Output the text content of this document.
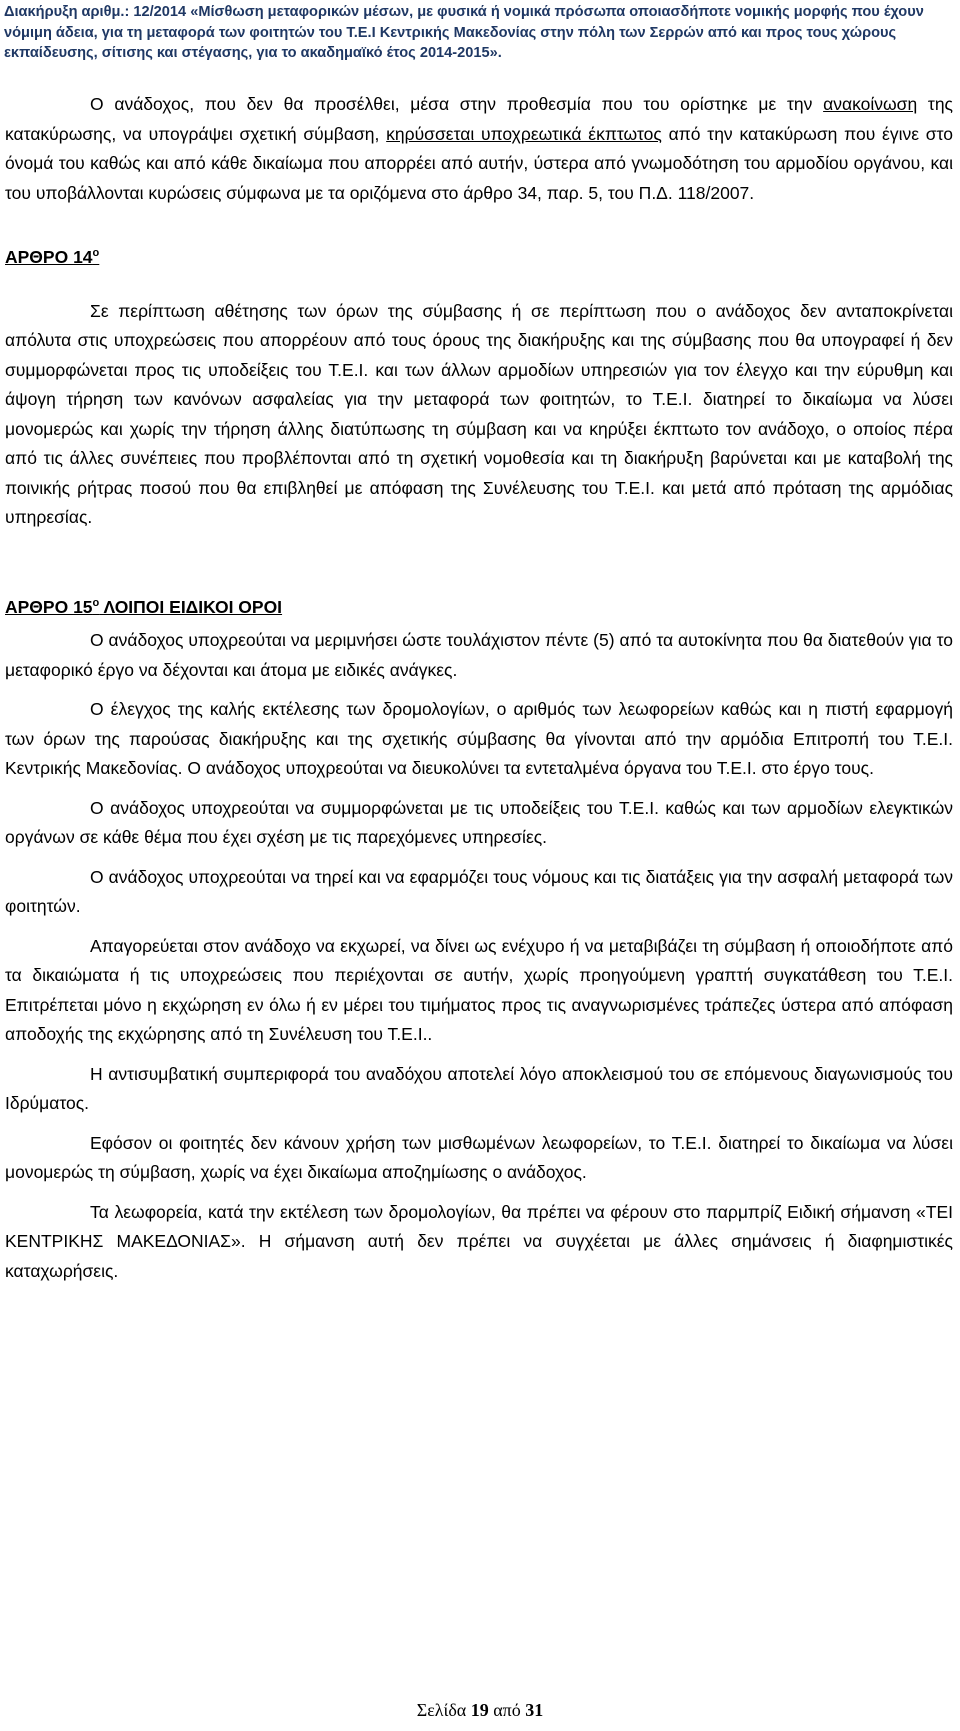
Διακήρυξη αριθμ.: 12/2014 «Μίσθωση μεταφορικών μέσων, με φυσικά ή νομικά πρόσωπα οποιασδήποτε νομικής μορφής που έχουν νόμιμη άδεια, για τη μεταφορά των φοιτητών του Τ.Ε.Ι Κεντρικής Μακεδονίας στην πόλη των Σερρών από και προς τους χώρους εκπαίδευσης, σίτισης και στέγασης, για το ακαδημαϊκό έτος 2014-2015».

Ο ανάδοχος, που δεν θα προσέλθει, μέσα στην προθεσμία που του ορίστηκε με την ανακοίνωση της κατακύρωσης, να υπογράψει σχετική σύμβαση, κηρύσσεται υποχρεωτικά έκπτωτος από την κατακύρωση που έγινε στο όνομά του καθώς και από κάθε δικαίωμα που απορρέει από αυτήν, ύστερα από γνωμοδότηση του αρμοδίου οργάνου, και του υποβάλλονται κυρώσεις σύμφωνα με τα οριζόμενα στο άρθρο 34, παρ. 5, του Π.Δ. 118/2007.

ΑΡΘΡΟ $14^o$

Σε περίπτωση αθέτησης των όρων της σύμβασης ή σε περίπτωση που ο ανάδοχος δεν ανταποκρίνεται απόλυτα στις υποχρεώσεις που απορρέουν από τους όρους της διακήρυξης και της σύμβασης που θα υπογραφεί ή δεν συμμορφώνεται προς τις υποδείξεις του Τ.Ε.Ι. και των άλλων αρμοδίων υπηρεσιών για τον έλεγχο και την εύρυθμη και άψογη τήρηση των κανόνων ασφαλείας για την μεταφορά των φοιτητών, το Τ.Ε.Ι. διατηρεί το δικαίωμα να λύσει μονομερώς και χωρίς την τήρηση άλλης διατύπωσης τη σύμβαση και να κηρύξει έκπτωτο τον ανάδοχο, ο οποίος πέρα από τις άλλες συνέπειες που προβλέπονται από τη σχετική νομοθεσία και τη διακήρυξη βαρύνεται και με καταβολή της ποινικής ρήτρας ποσού που θα επιβληθεί με απόφαση της Συνέλευσης του Τ.Ε.Ι. και μετά από πρόταση της αρμόδιας υπηρεσίας.

ΑΡΘΡΟ $15^o$ ΛΟΙΠΟΙ ΕΙΔΙΚΟΙ ΟΡΟΙ

Ο ανάδοχος υποχρεούται να μεριμνήσει ώστε τουλάχιστον πέντε (5) από τα αυτοκίνητα που θα διατεθούν για το μεταφορικό έργο να δέχονται και άτομα με ειδικές ανάγκες.

Ο έλεγχος της καλής εκτέλεσης των δρομολογίων, ο αριθμός των λεωφορείων καθώς και η πιστή εφαρμογή των όρων της παρούσας διακήρυξης και της σχετικής σύμβασης θα γίνονται από την αρμόδια Επιτροπή του Τ.Ε.Ι. Κεντρικής Μακεδονίας. Ο ανάδοχος υποχρεούται να διευκολύνει τα εντεταλμένα όργανα του Τ.Ε.Ι. στο έργο τους.

Ο ανάδοχος υποχρεούται να συμμορφώνεται με τις υποδείξεις του Τ.Ε.Ι. καθώς και των αρμοδίων ελεγκτικών οργάνων σε κάθε θέμα που έχει σχέση με τις παρεχόμενες υπηρεσίες.

Ο ανάδοχος υποχρεούται να τηρεί και να εφαρμόζει τους νόμους και τις διατάξεις για την ασφαλή μεταφορά των φοιτητών.

Απαγορεύεται στον ανάδοχο να εκχωρεί, να δίνει ως ενέχυρο ή να μεταβιβάζει τη σύμβαση ή οποιοδήποτε από τα δικαιώματα ή τις υποχρεώσεις που περιέχονται σε αυτήν, χωρίς προηγούμενη γραπτή συγκατάθεση του Τ.Ε.Ι. Επιτρέπεται μόνο η εκχώρηση εν όλω ή εν μέρει του τιμήματος προς τις αναγνωρισμένες τράπεζες ύστερα από απόφαση αποδοχής της εκχώρησης από τη Συνέλευση του Τ.Ε.Ι..

Η αντισυμβατική συμπεριφορά του αναδόχου αποτελεί λόγο αποκλεισμού του σε επόμενους διαγωνισμούς του Ιδρύματος.

Εφόσον οι φοιτητές δεν κάνουν χρήση των μισθωμένων λεωφορείων, το Τ.Ε.Ι. διατηρεί το δικαίωμα να λύσει μονομερώς τη σύμβαση, χωρίς να έχει δικαίωμα αποζημίωσης ο ανάδοχος.

Τα λεωφορεία, κατά την εκτέλεση των δρομολογίων, θα πρέπει να φέρουν στο παρμπρίζ Ειδική σήμανση «ΤΕΙ ΚΕΝΤΡΙΚΗΣ ΜΑΚΕΔΟΝΙΑΣ». Η σήμανση αυτή δεν πρέπει να συγχέεται με άλλες σημάνσεις ή διαφημιστικές καταχωρήσεις.

Σελίδα 19 από 31
